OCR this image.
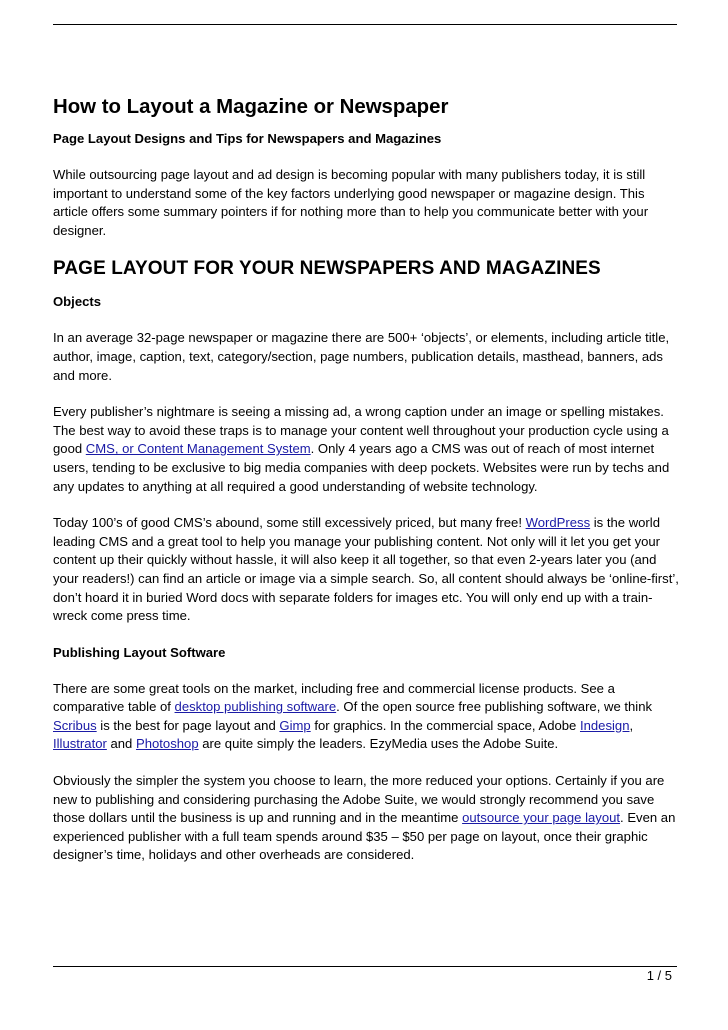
How to Layout a Magazine or Newspaper
Page Layout Designs and Tips for Newspapers and Magazines

While outsourcing page layout and ad design is becoming popular with many publishers today, it is still important to understand some of the key factors underlying good newspaper or magazine design. This article offers some summary pointers if for nothing more than to help you communicate better with your designer.

PAGE LAYOUT FOR YOUR NEWSPAPERS AND MAGAZINES
Objects

In an average 32-page newspaper or magazine there are 500+ ‘objects’, or elements, including article title, author, image, caption, text, category/section, page numbers, publication details, masthead, banners, ads and more.

Every publisher’s nightmare is seeing a missing ad, a wrong caption under an image or spelling mistakes. The best way to avoid these traps is to manage your content well throughout your production cycle using a good CMS, or Content Management System. Only 4 years ago a CMS was out of reach of most internet users, tending to be exclusive to big media companies with deep pockets. Websites were run by techs and any updates to anything at all required a good understanding of website technology.

Today 100’s of good CMS’s abound, some still excessively priced, but many free! WordPress is the world leading CMS and a great tool to help you manage your publishing content. Not only will it let you get your content up their quickly without hassle, it will also keep it all together, so that even 2-years later you (and your readers!) can find an article or image via a simple search. So, all content should always be ‘online-first’, don’t hoard it in buried Word docs with separate folders for images etc. You will only end up with a train-wreck come press time.

Publishing Layout Software

There are some great tools on the market, including free and commercial license products. See a comparative table of desktop publishing software. Of the open source free publishing software, we think Scribus is the best for page layout and Gimp for graphics. In the commercial space, Adobe Indesign, Illustrator and Photoshop are quite simply the leaders. EzyMedia uses the Adobe Suite.

Obviously the simpler the system you choose to learn, the more reduced your options. Certainly if you are new to publishing and considering purchasing the Adobe Suite, we would strongly recommend you save those dollars until the business is up and running and in the meantime outsource your page layout. Even an experienced publisher with a full team spends around $35 – $50 per page on layout, once their graphic designer’s time, holidays and other overheads are considered.

1 / 5
